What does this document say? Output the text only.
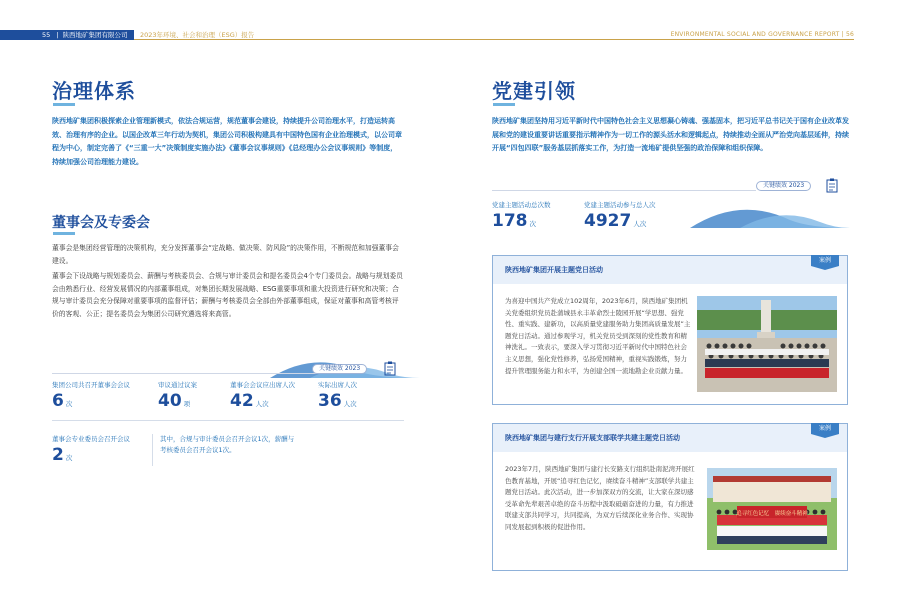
55 | 陕西地矿集团有限公司	2023年环境、社会和治理（ESG）报告	ENVIRONMENTAL SOCIAL AND GOVERNANCE REPORT | 56
治理体系
陕西地矿集团积极探索企业管理新模式，依法合规运营，规范董事会建设，持续提升公司治理水平，打造运转高效、治理有序的企业。以国企改革三年行动为契机，集团公司积极构建具有中国特色国有企业治理模式，以公司章程为中心，制定完善了《“三重一大”决策制度实施办法》《董事会议事规则》《总经理办公会议事规则》等制度，持续加强公司治理能力建设。
董事会及专委会
董事会是集团经营管理的决策机构，充分发挥董事会“定战略、做决策、防风险”的决策作用，不断规范和加强董事会建设。
董事会下设战略与规划委员会、薪酬与考核委员会、合规与审计委员会和提名委员会4个专门委员会。战略与规划委员会由熟悉行业、经营发展情况的内部董事组成，对集团长期发展战略、ESG重要事项和重大投资进行研究和决策；合规与审计委员会充分保障对重要事项的监督评估；薪酬与考核委员会全部由外部董事组成，保证对董事和高管考核评价的客观、公正；提名委员会为集团公司研究遴选将来高管。
关键绩效 2023
集团公司共召开董事会会议
6 次
审议通过议案
40 项
董事会会议应出席人次
42 人次
实际出席人次
36 人次
董事会专业委员会召开会议
2 次
其中，合规与审计委员会召开会议1次，薪酬与考核委员会召开会议1次。
党建引领
陕西地矿集团坚持用习近平新时代中国特色社会主义思想凝心铸魂、强基固本，把习近平总书记关于国有企业改革发展和党的建设重要讲话重要指示精神作为一切工作的源头活水和逻辑起点，持续推动全面从严治党向基层延伸，持续开展“四包四联”服务基层抓落实工作，为打造一流地矿提供坚强的政治保障和组织保障。
关键绩效 2023
党建主题活动总次数
178 次
党建主题活动参与总人次
4927 人次
陕西地矿集团开展主题党日活动
案例
为喜迎中国共产党成立102周年，2023年6月，陕西地矿集团机关党委组织党员赴蒲城县永丰革命烈士陵园开展“学思想、强党性、重实践、建新功，以高质量党建服务助力集团高质量发展”主题党日活动。通过参观学习，机关党员受到深刻的党性教育和精神洗礼。一致表示，要深入学习贯彻习近平新时代中国特色社会主义思想，强化党性修养，弘扬爱国精神，重视实践锻炼，努力提升管理服务能力和水平，为创建全国一流地勘企业贡献力量。
陕西地矿集团与建行支行开展支部联学共建主题党日活动
案例
2023年7月，陕西地矿集团与建行长安路支行组织赴南泥湾开展红色教育基地，开展“追寻红色记忆，赓续奋斗精神”支部联学共建主题党日活动。此次活动，进一步加深双方的交流，让大家在深切感受革命先辈艰苦卓绝的奋斗历程中汲取砥砺奋进的力量，有力推进联建支部共同学习，共同提高，为双方后续深化业务合作、实现协同发展起到积极的促进作用。
追寻红色记忆　赓续奋斗精神
